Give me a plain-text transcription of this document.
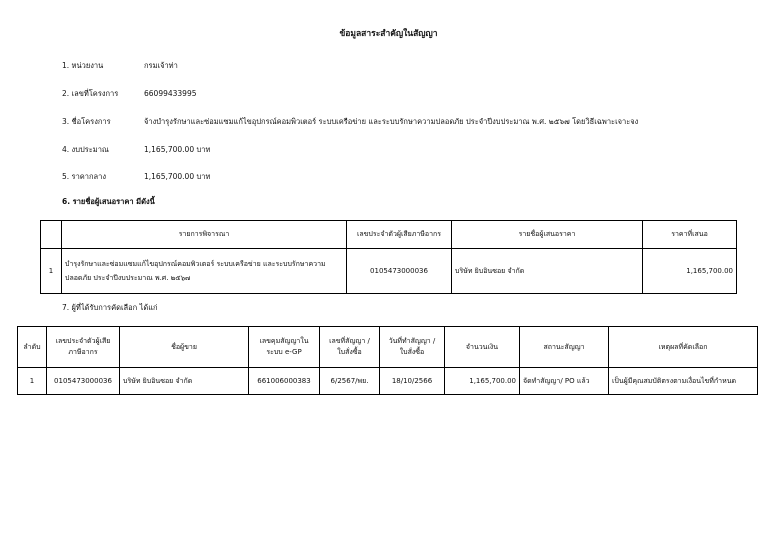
ข้อมูลสาระสำคัญในสัญญา
1. หน่วยงาน	กรมเจ้าท่า
2. เลขที่โครงการ	66099433995
3. ชื่อโครงการ	จ้างบำรุงรักษาและซ่อมแซมแก้ไขอุปกรณ์คอมพิวเตอร์ ระบบเครือข่าย และระบบรักษาความปลอดภัย ประจำปีงบประมาณ พ.ศ. ๒๕๖๗ โดยวิธีเฉพาะเจาะจง
4. งบประมาณ	1,165,700.00 บาท
5. ราคากลาง	1,165,700.00 บาท
6. รายชื่อผู้เสนอราคา มีดังนี้
	รายการพิจารณา	เลขประจำตัวผู้เสียภาษีอากร	รายชื่อผู้เสนอราคา	ราคาที่เสนอ
1	บำรุงรักษาและซ่อมแซมแก้ไขอุปกรณ์คอมพิวเตอร์ ระบบเครือข่าย และระบบรักษาความปลอดภัย ประจำปีงบประมาณ พ.ศ. ๒๕๖๗	0105473000036	บริษัท ยิบอินซอย จำกัด	1,165,700.00
7. ผู้ที่ได้รับการคัดเลือก ได้แก่
ลำดับ	เลขประจำตัวผู้เสียภาษีอากร	ชื่อผู้ขาย	เลขคุมสัญญาในระบบ e-GP	เลขที่สัญญา / ใบสั่งซื้อ	วันที่ทำสัญญา / ใบสั่งซื้อ	จำนวนเงิน	สถานะสัญญา	เหตุผลที่คัดเลือก
1	0105473000036	บริษัท ยิบอินซอย จำกัด	661006000383	6/2567/พย.	18/10/2566	1,165,700.00	จัดทำสัญญา/ PO แล้ว	เป็นผู้มีคุณสมบัติตรงตามเงื่อนไขที่กำหนด
